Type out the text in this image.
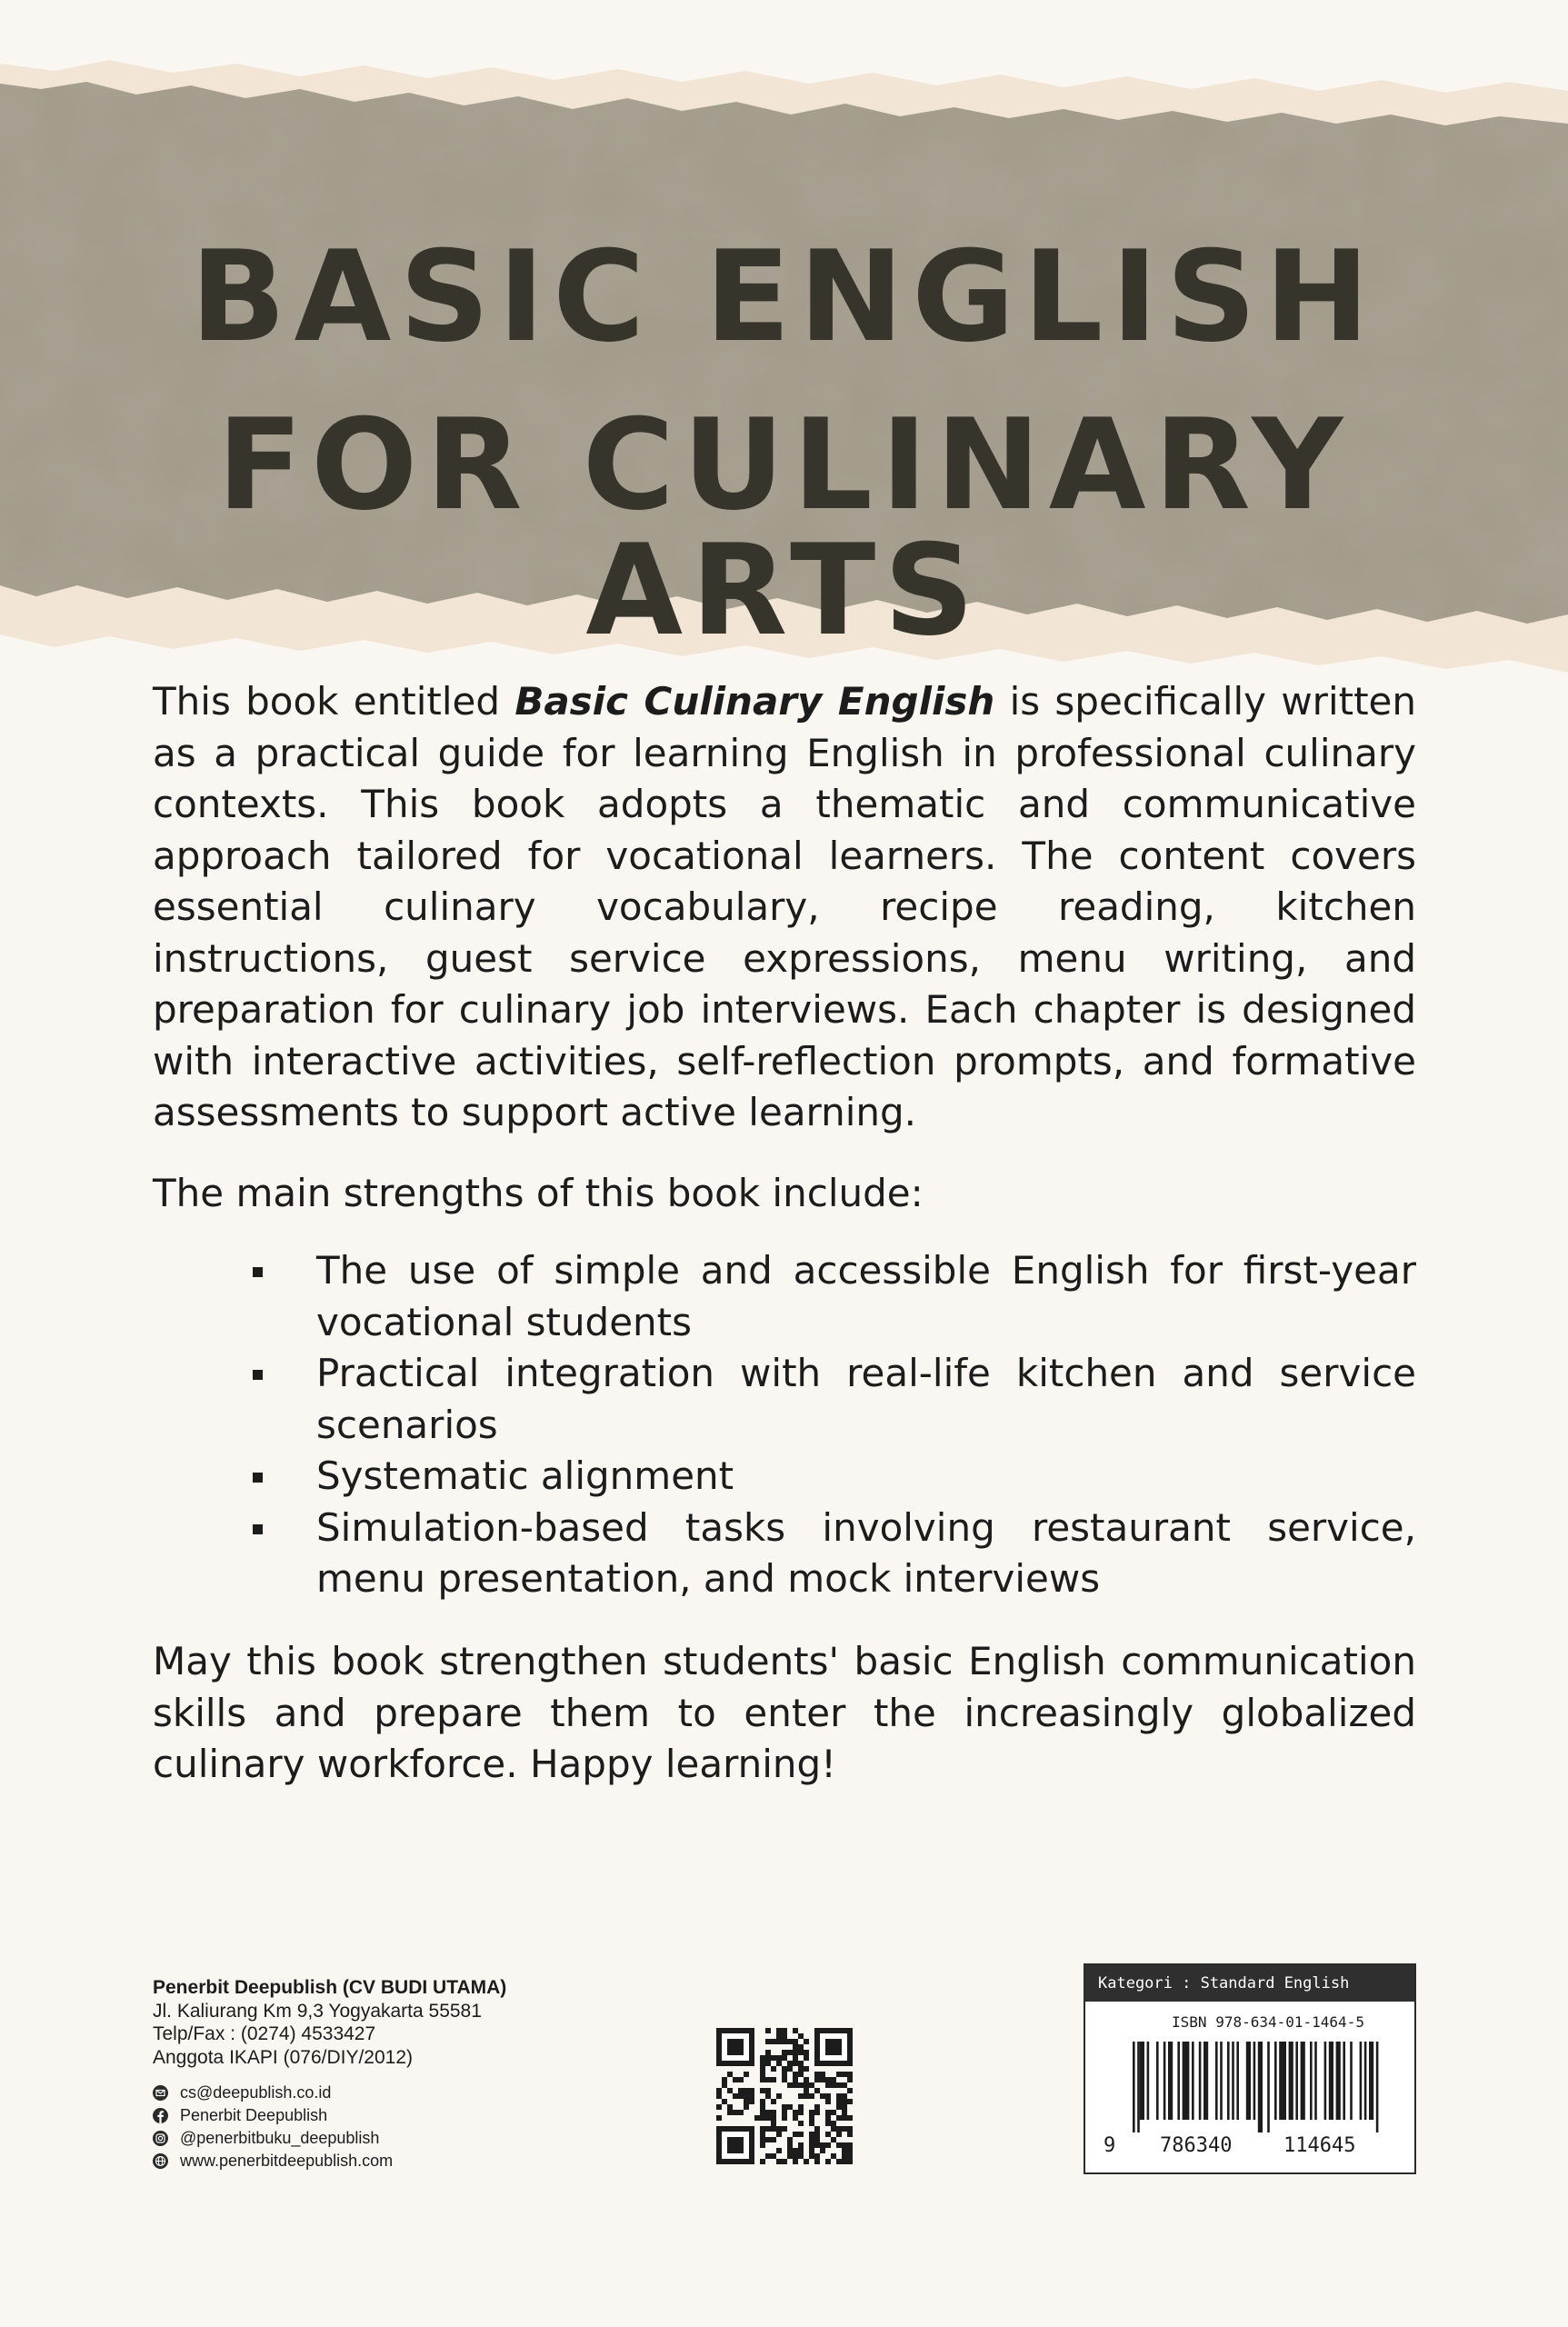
BASIC ENGLISH
FOR CULINARY ARTS

This book entitled Basic Culinary English is specifically written as a practical guide for learning English in professional culinary contexts. This book adopts a thematic and communicative approach tailored for vocational learners. The content covers essential culinary vocabulary, recipe reading, kitchen instructions, guest service expressions, menu writing, and preparation for culinary job interviews. Each chapter is designed with interactive activities, self-reflection prompts, and formative assessments to support active learning.

The main strengths of this book include:

The use of simple and accessible English for first-year vocational students
Practical integration with real-life kitchen and service scenarios
Systematic alignment
Simulation-based tasks involving restaurant service, menu presentation, and mock interviews

May this book strengthen students' basic English communication skills and prepare them to enter the increasingly globalized culinary workforce. Happy learning!

Penerbit Deepublish (CV BUDI UTAMA)
Jl. Kaliurang Km 9,3 Yogyakarta 55581
Telp/Fax : (0274) 4533427
Anggota IKAPI (076/DIY/2012)
cs@deepublish.co.id
Penerbit Deepublish
@penerbitbuku_deepublish
www.penerbitdeepublish.com
Kategori : Standard English
ISBN 978-634-01-1464-5
9 786340	114645
